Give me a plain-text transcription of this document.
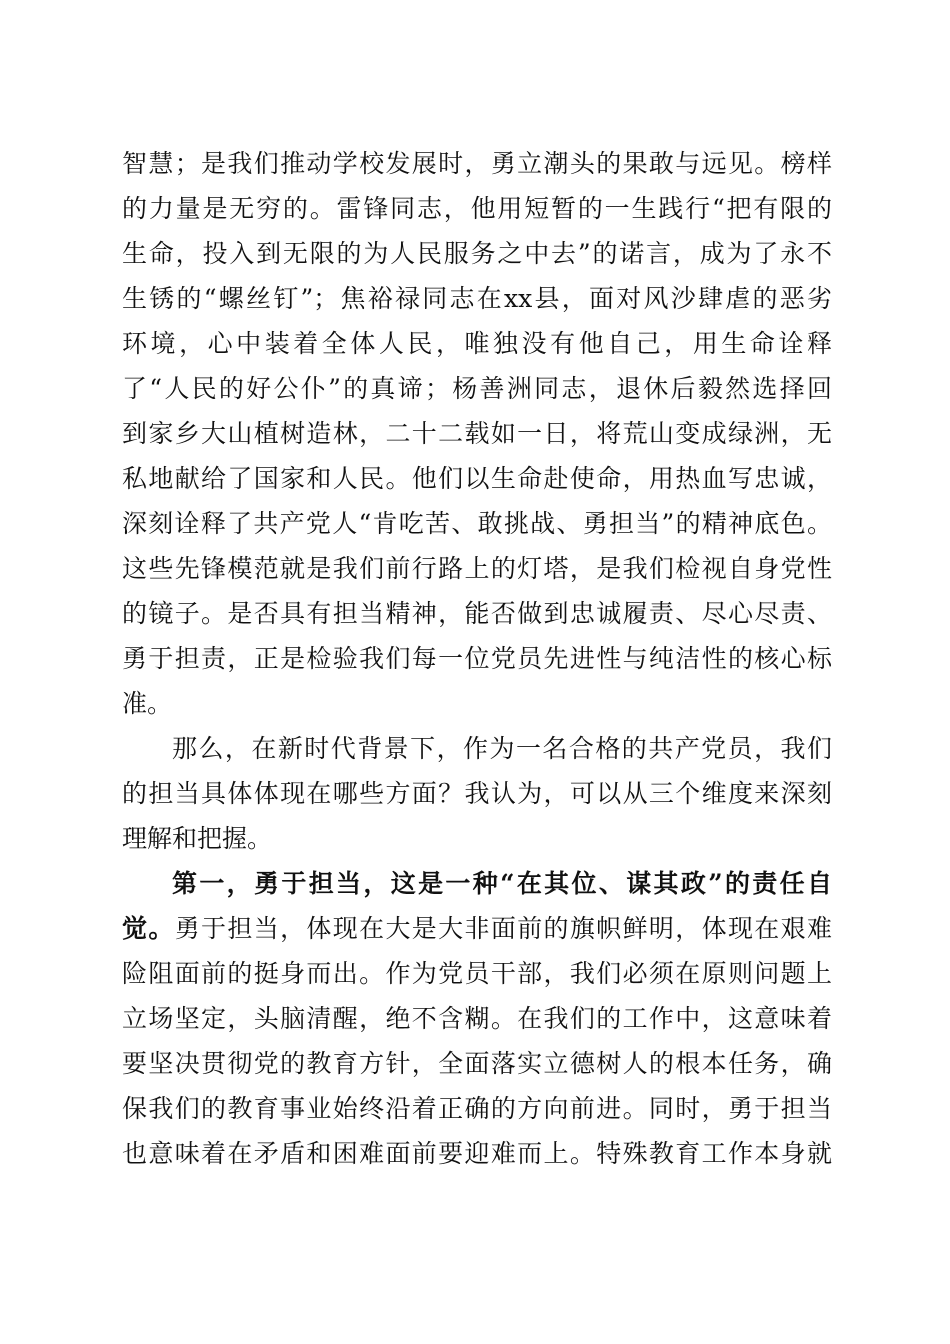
智慧；是我们推动学校发展时，勇立潮头的果敢与远见。榜样
的力量是无穷的。雷锋同志，他用短暂的一生践行“把有限的
生命，投入到无限的为人民服务之中去”的诺言，成为了永不
生锈的“螺丝钉”；焦裕禄同志在xx县，面对风沙肆虐的恶劣
环境，心中装着全体人民，唯独没有他自己，用生命诠释
了“人民的好公仆”的真谛；杨善洲同志，退休后毅然选择回
到家乡大山植树造林，二十二载如一日，将荒山变成绿洲，无
私地献给了国家和人民。他们以生命赴使命，用热血写忠诚，
深刻诠释了共产党人“肯吃苦、敢挑战、勇担当”的精神底色。
这些先锋模范就是我们前行路上的灯塔，是我们检视自身党性
的镜子。是否具有担当精神，能否做到忠诚履责、尽心尽责、
勇于担责，正是检验我们每一位党员先进性与纯洁性的核心标
准。
那么，在新时代背景下，作为一名合格的共产党员，我们
的担当具体体现在哪些方面？我认为，可以从三个维度来深刻
理解和把握。
第一，勇于担当，这是一种“在其位、谋其政”的责任自
觉。勇于担当，体现在大是大非面前的旗帜鲜明，体现在艰难
险阻面前的挺身而出。作为党员干部，我们必须在原则问题上
立场坚定，头脑清醒，绝不含糊。在我们的工作中，这意味着
要坚决贯彻党的教育方针，全面落实立德树人的根本任务，确
保我们的教育事业始终沿着正确的方向前进。同时，勇于担当
也意味着在矛盾和困难面前要迎难而上。特殊教育工作本身就
